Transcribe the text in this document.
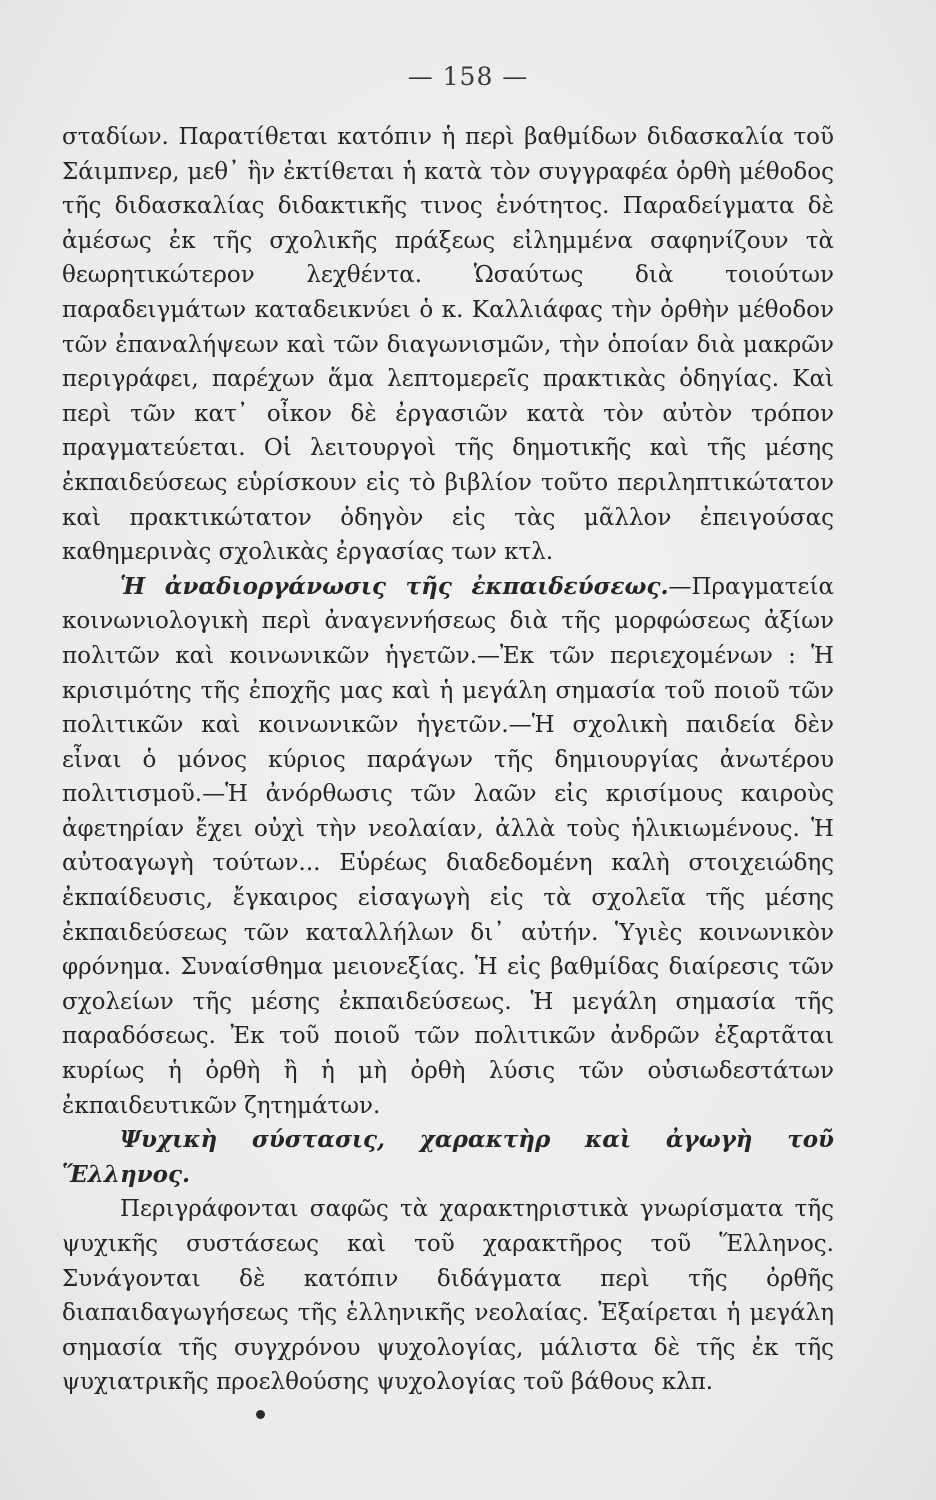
— 158 —

σταδίων. Παρατίθεται κατόπιν ἡ περὶ βαθμίδων διδασκαλία τοῦ Σάιμπνερ, μεθ᾽ ἣν ἐκτίθεται ἡ κατὰ τὸν συγγραφέα ὀρθὴ μέθοδος τῆς διδασκαλίας διδακτικῆς τινος ἑνότητος. Παραδείγματα δὲ ἀμέσως ἐκ τῆς σχολικῆς πράξεως εἰλημμένα σαφηνίζουν τὰ θεωρητικώτερον λεχθέντα. Ὡσαύτως διὰ τοιούτων παραδειγμάτων καταδεικνύει ὁ κ. Καλλιάφας τὴν ὀρθὴν μέθοδον τῶν ἐπαναλήψεων καὶ τῶν διαγωνισμῶν, τὴν ὁποίαν διὰ μακρῶν περιγράφει, παρέχων ἅμα λεπτομερεῖς πρακτικὰς ὁδηγίας. Καὶ περὶ τῶν κατ᾽ οἶκον δὲ ἐργασιῶν κατὰ τὸν αὐτὸν τρόπον πραγματεύεται. Οἱ λειτουργοὶ τῆς δημοτικῆς καὶ τῆς μέσης ἐκπαιδεύσεως εὑρίσκουν εἰς τὸ βιβλίον τοῦτο περιληπτικώτατον καὶ πρακτικώτατον ὁδηγὸν εἰς τὰς μᾶλλον ἐπειγούσας καθημερινὰς σχολικὰς ἐργασίας των κτλ.

Ἡ ἀναδιοργάνωσις τῆς ἐκπαιδεύσεως.—Πραγματεία κοινωνιολογικὴ περὶ ἀναγεννήσεως διὰ τῆς μορφώσεως ἀξίων πολιτῶν καὶ κοινωνικῶν ἡγετῶν.—Ἐκ τῶν περιεχομένων : Ἡ κρισιμότης τῆς ἐποχῆς μας καὶ ἡ μεγάλη σημασία τοῦ ποιοῦ τῶν πολιτικῶν καὶ κοινωνικῶν ἡγετῶν.—Ἡ σχολικὴ παιδεία δὲν εἶναι ὁ μόνος κύριος παράγων τῆς δημιουργίας ἀνωτέρου πολιτισμοῦ.—Ἡ ἀνόρθωσις τῶν λαῶν εἰς κρισίμους καιροὺς ἀφετηρίαν ἔχει οὐχὶ τὴν νεολαίαν, ἀλλὰ τοὺς ἡλικιωμένους. Ἡ αὐτοαγωγὴ τούτων... Εὑρέως διαδεδομένη καλὴ στοιχειώδης ἐκπαίδευσις, ἔγκαιρος εἰσαγωγὴ εἰς τὰ σχολεῖα τῆς μέσης ἐκπαιδεύσεως τῶν καταλλήλων δι᾽ αὐτήν. Ὑγιὲς κοινωνικὸν φρόνημα. Συναίσθημα μειονεξίας. Ἡ εἰς βαθμίδας διαίρεσις τῶν σχολείων τῆς μέσης ἐκπαιδεύσεως. Ἡ μεγάλη σημασία τῆς παραδόσεως. Ἐκ τοῦ ποιοῦ τῶν πολιτικῶν ἀνδρῶν ἐξαρτᾶται κυρίως ἡ ὀρθὴ ἢ ἡ μὴ ὀρθὴ λύσις τῶν οὐσιωδεστάτων ἐκπαιδευτικῶν ζητημάτων.

Ψυχικὴ σύστασις, χαρακτὴρ καὶ ἀγωγὴ τοῦ Ἕλληνος.
Περιγράφονται σαφῶς τὰ χαρακτηριστικὰ γνωρίσματα τῆς ψυχικῆς συστάσεως καὶ τοῦ χαρακτῆρος τοῦ Ἕλληνος. Συνάγονται δὲ κατόπιν διδάγματα περὶ τῆς ὀρθῆς διαπαιδαγωγήσεως τῆς ἑλληνικῆς νεολαίας. Ἐξαίρεται ἡ μεγάλη σημασία τῆς συγχρόνου ψυχολογίας, μάλιστα δὲ τῆς ἐκ τῆς ψυχιατρικῆς προελθούσης ψυχολογίας τοῦ βάθους κλπ.
